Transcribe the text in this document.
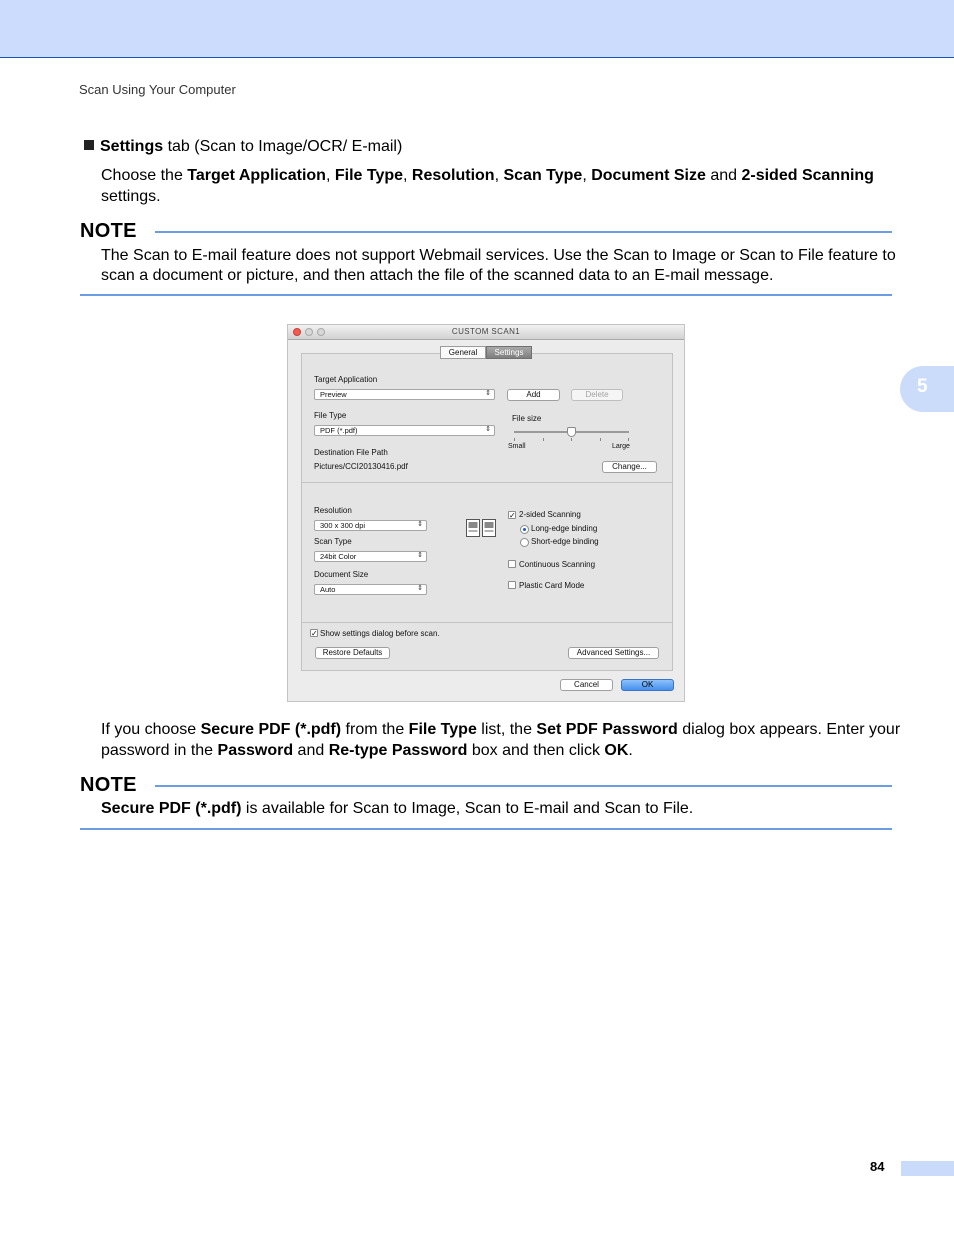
Scan Using Your Computer
5
Settings tab (Scan to Image/OCR/ E-mail)
Choose the Target Application, File Type, Resolution, Scan Type, Document Size and 2-sided Scanning settings.
NOTE
The Scan to E-mail feature does not support Webmail services. Use the Scan to Image or Scan to File feature to scan a document or picture, and then attach the file of the scanned data to an E-mail message.
CUSTOM SCAN1
General	Settings
Target Application
Preview	⇕	Add	Delete
File Type
PDF (*.pdf)	⇕
File size
Small	Large
Destination File Path
Pictures/CCI20130416.pdf	Change...
Resolution
300 x 300 dpi	⇕
Scan Type
24bit Color	⇕
Document Size
Auto	⇕
✓ 2-sided Scanning
Long-edge binding
Short-edge binding
Continuous Scanning
Plastic Card Mode
✓ Show settings dialog before scan.
Restore Defaults	Advanced Settings...
Cancel	OK
If you choose Secure PDF (*.pdf) from the File Type list, the Set PDF Password dialog box appears. Enter your password in the Password and Re-type Password box and then click OK.
NOTE
Secure PDF (*.pdf) is available for Scan to Image, Scan to E-mail and Scan to File.
84
